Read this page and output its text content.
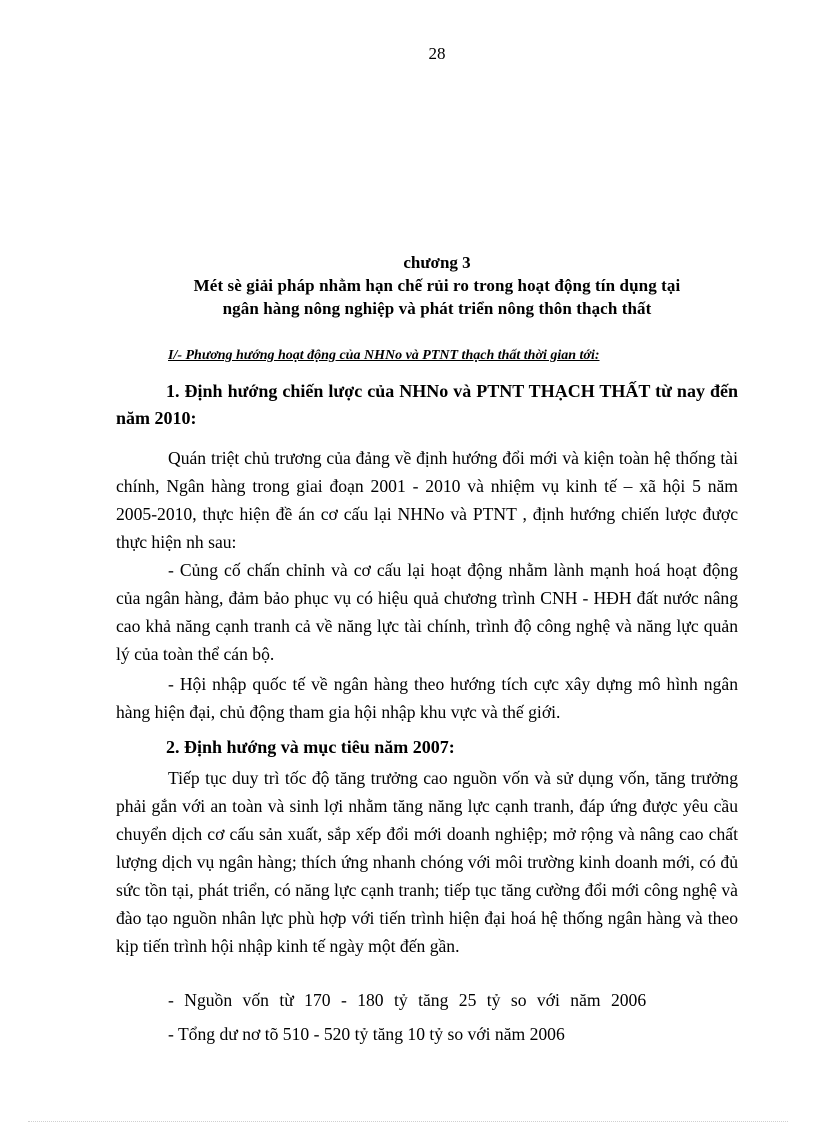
28
chương 3
Mét sè giải pháp nhằm hạn chế rủi ro trong hoạt động tín dụng tại
ngân hàng nông nghiệp và phát triển nông thôn thạch thất
I/- Phương hướng hoạt động của NHNo và PTNT thạch thất thời gian tới:

1. Định hướng chiến lược của NHNo và PTNT THẠCH THẤT từ nay đến năm 2010:

Quán triệt chủ trương của đảng về định hướng đổi mới và kiện toàn hệ thống tài chính, Ngân hàng trong giai đoạn 2001 - 2010 và nhiệm vụ kinh tế – xã hội 5 năm 2005-2010, thực hiện đề án cơ cấu lại NHNo và PTNT , định hướng chiến lược được thực hiện nh sau:

- Củng cố chấn chỉnh và cơ cấu lại hoạt động nhằm lành mạnh hoá hoạt động của ngân hàng, đảm bảo phục vụ có hiệu quả chương trình CNH - HĐH đất nước nâng cao khả năng cạnh tranh cả về năng lực tài chính, trình độ công nghệ và năng lực quản lý của toàn thể cán bộ.

- Hội nhập quốc tế về ngân hàng theo hướng tích cực xây dựng mô hình ngân hàng hiện đại, chủ động tham gia hội nhập khu vực và thế giới.

2. Định hướng và mục tiêu năm 2007:

Tiếp tục duy trì tốc độ tăng trưởng cao nguồn vốn và sử dụng vốn, tăng trưởng phải gắn với an toàn và sinh lợi nhằm tăng năng lực cạnh tranh, đáp ứng được yêu cầu chuyển dịch cơ cấu sản xuất, sắp xếp đổi mới doanh nghiệp; mở rộng và nâng cao chất lượng dịch vụ ngân hàng; thích ứng nhanh chóng với môi trường kinh doanh mới, có đủ sức tồn tại, phát triển, có năng lực cạnh tranh; tiếp tục tăng cường đổi mới công nghệ và đào tạo nguồn nhân lực phù hợp với tiến trình hiện đại hoá hệ thống ngân hàng và theo kịp tiến trình hội nhập kinh tế ngày một đến gần.

- Nguồn vốn từ 170 - 180 tỷ tăng 25 tỷ so với năm 2006

- Tổng dư nơ tõ 510 - 520 tỷ tăng 10 tỷ so với năm 2006
